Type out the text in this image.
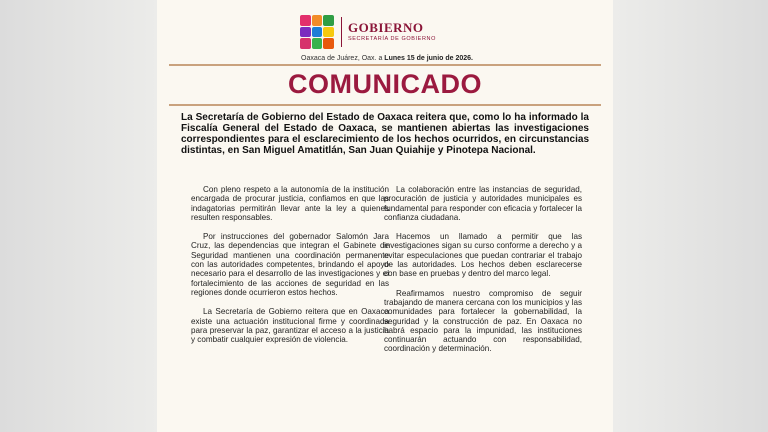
GOBIERNO
SECRETARÍA DE GOBIERNO
Oaxaca de Juárez, Oax. a Lunes 15 de junio de 2026.
COMUNICADO
La Secretaría de Gobierno del Estado de Oaxaca reitera que, como lo ha informado la Fiscalía General del Estado de Oaxaca, se mantienen abiertas las investigaciones correspondientes para el esclarecimiento de los hechos ocurridos, en circunstancias distintas, en San Miguel Amatitlán, San Juan Quiahije y Pinotepa Nacional.

Con pleno respeto a la autonomía de la institución encargada de procurar justicia, confiamos en que las indagatorias permitirán llevar ante la ley a quienes resulten responsables.

Por instrucciones del gobernador Salomón Jara Cruz, las dependencias que integran el Gabinete de Seguridad mantienen una coordinación permanente con las autoridades competentes, brindando el apoyo necesario para el desarrollo de las investigaciones y el fortalecimiento de las acciones de seguridad en las regiones donde ocurrieron estos hechos.

La Secretaría de Gobierno reitera que en Oaxaca existe una actuación institucional firme y coordinada para preservar la paz, garantizar el acceso a la justicia y combatir cualquier expresión de violencia.

La colaboración entre las instancias de seguridad, procuración de justicia y autoridades municipales es fundamental para responder con eficacia y fortalecer la confianza ciudadana.

Hacemos un llamado a permitir que las investigaciones sigan su curso conforme a derecho y a evitar especulaciones que puedan contrariar el trabajo de las autoridades. Los hechos deben esclarecerse con base en pruebas y dentro del marco legal.

Reafirmamos nuestro compromiso de seguir trabajando de manera cercana con los municipios y las comunidades para fortalecer la gobernabilidad, la seguridad y la construcción de paz. En Oaxaca no habrá espacio para la impunidad, las instituciones continuarán actuando con responsabilidad, coordinación y determinación.
